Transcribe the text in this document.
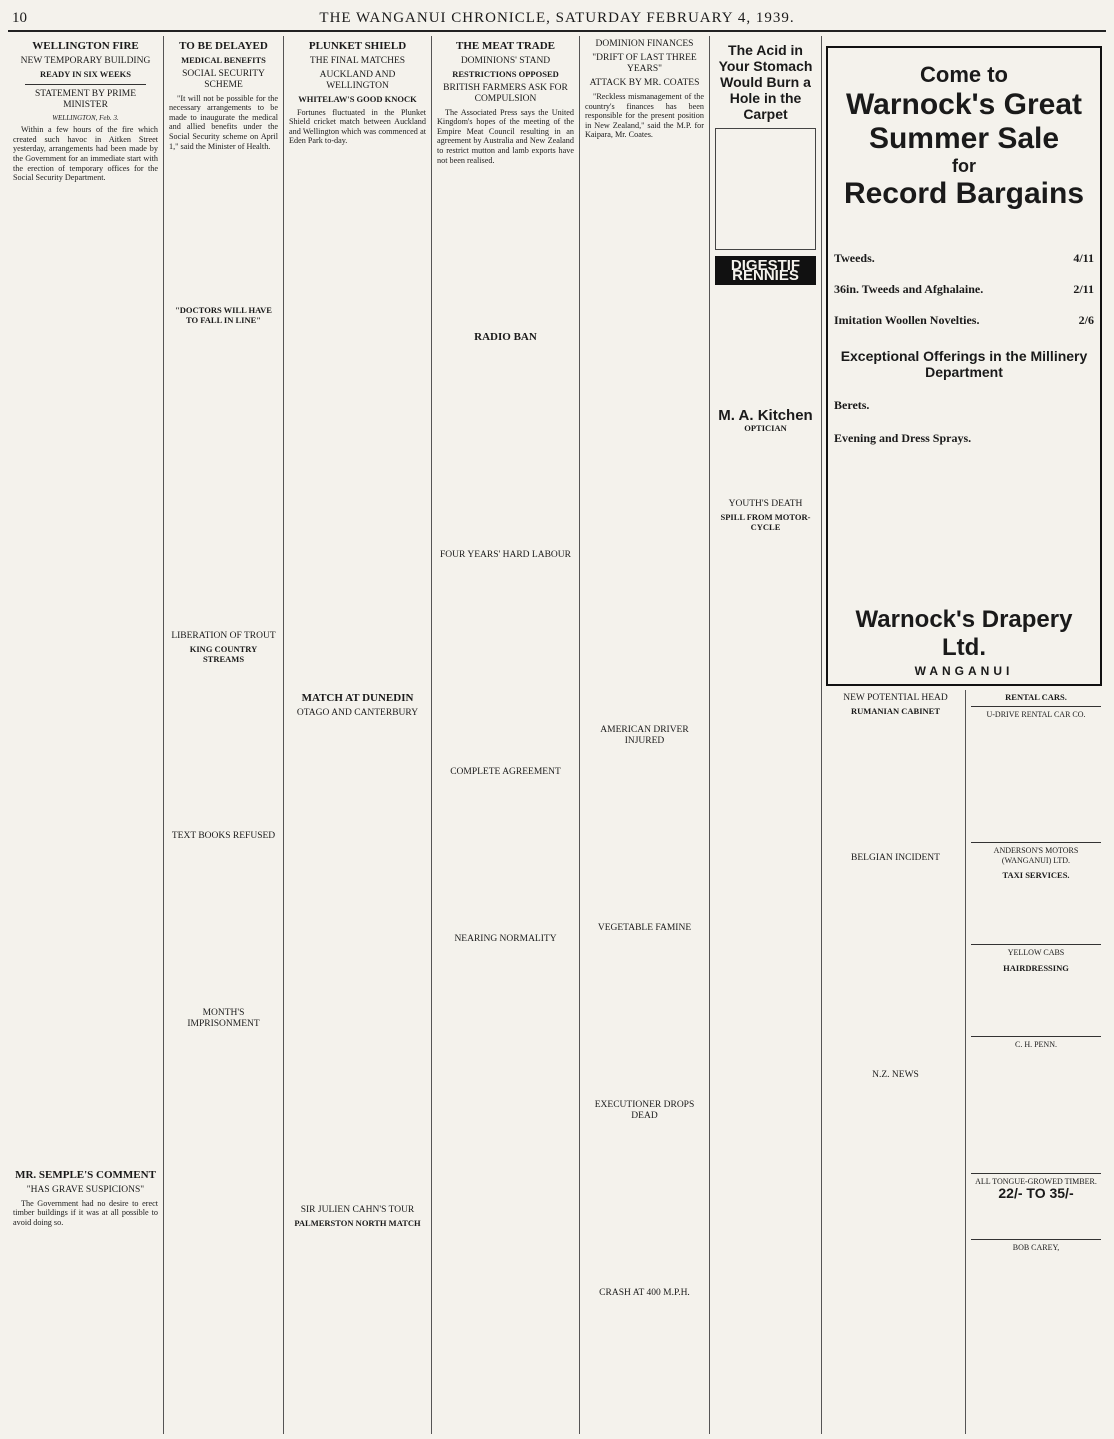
10	THE WANGANUI CHRONICLE, SATURDAY FEBRUARY 4, 1939.
WELLINGTON FIRE
NEW TEMPORARY BUILDING
READY IN SIX WEEKS
STATEMENT BY PRIME MINISTER
WELLINGTON, Feb. 3.

Within a few hours of the fire which created such havoc in Aitken Street yesterday, arrangements had been made by the Government for an immediate start with the erection of temporary offices for the Social Security Department.

MR. SEMPLE'S COMMENT
"HAS GRAVE SUSPICIONS"

The Government had no desire to erect timber buildings if it was at all possible to avoid doing so.

TO BE DELAYED
MEDICAL BENEFITS
SOCIAL SECURITY SCHEME

"It will not be possible for the necessary arrangements to be made to inaugurate the medical and allied benefits under the Social Security scheme on April 1," said the Minister of Health.

"DOCTORS WILL HAVE TO FALL IN LINE"
LIBERATION OF TROUT
KING COUNTRY STREAMS
TEXT BOOKS REFUSED
MONTH'S IMPRISONMENT
PLUNKET SHIELD
THE FINAL MATCHES
AUCKLAND AND WELLINGTON
WHITELAW'S GOOD KNOCK

Fortunes fluctuated in the Plunket Shield cricket match between Auckland and Wellington which was commenced at Eden Park to-day.

MATCH AT DUNEDIN
OTAGO AND CANTERBURY
SIR JULIEN CAHN'S TOUR
PALMERSTON NORTH MATCH
THE MEAT TRADE
DOMINIONS' STAND
RESTRICTIONS OPPOSED
BRITISH FARMERS ASK FOR COMPULSION

The Associated Press says the United Kingdom's hopes of the meeting of the Empire Meat Council resulting in an agreement by Australia and New Zealand to restrict mutton and lamb exports have not been realised.

RADIO BAN
FOUR YEARS' HARD LABOUR
COMPLETE AGREEMENT
NEARING NORMALITY
DOMINION FINANCES
"DRIFT OF LAST THREE YEARS"
ATTACK BY MR. COATES

"Reckless mismanagement of the country's finances has been responsible for the present position in New Zealand," said the M.P. for Kaipara, Mr. Coates.

AMERICAN DRIVER INJURED
VEGETABLE FAMINE
EXECUTIONER DROPS DEAD
CRASH AT 400 M.P.H.
The Acid in Your Stomach Would Burn a Hole in the Carpet
DIGESTIF RENNIES
M. A. Kitchen
OPTICIAN
YOUTH'S DEATH
SPILL FROM MOTOR-CYCLE
Come to
Warnock's Great
Summer Sale
for
Record Bargains
Tweeds.	4/11
36in. Tweeds and Afghalaine.	2/11
Imitation Woollen Novelties.	2/6
Exceptional Offerings in the Millinery Department
Berets.
Evening and Dress Sprays.
Warnock's Drapery Ltd.
WANGANUI
NEW POTENTIAL HEAD
RUMANIAN CABINET
BELGIAN INCIDENT
N.Z. NEWS
RENTAL CARS.
U-DRIVE RENTAL CAR CO.
ANDERSON'S MOTORS (WANGANUI) LTD.
TAXI SERVICES.
YELLOW CABS
HAIRDRESSING
C. H. PENN.
ALL TONGUE-GROWED TIMBER.
22/- TO 35/-
BOB CAREY,
